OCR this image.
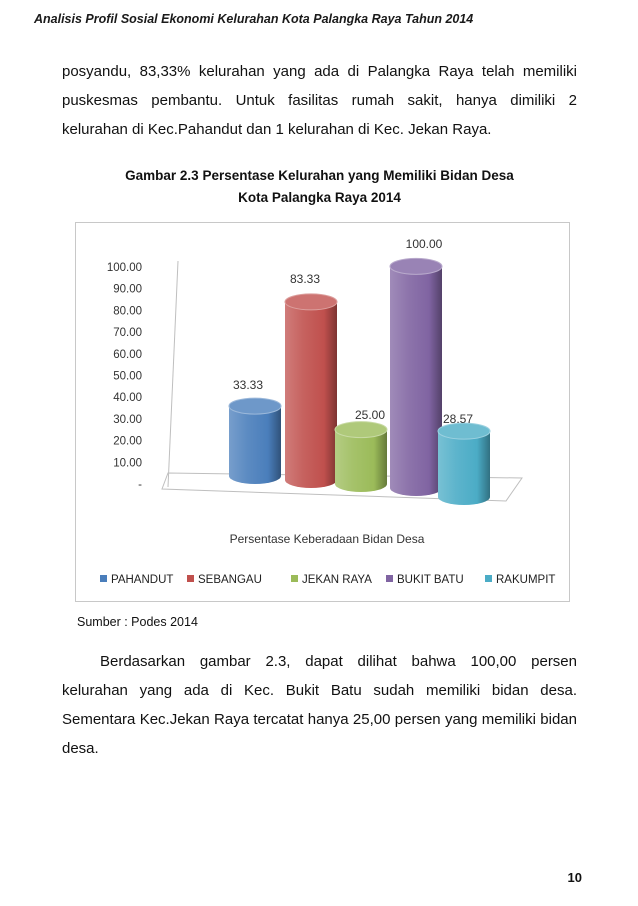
Analisis Profil Sosial Ekonomi Kelurahan Kota Palangka Raya Tahun 2014
posyandu, 83,33% kelurahan yang ada di Palangka Raya telah memiliki
puskesmas pembantu. Untuk fasilitas rumah sakit, hanya dimiliki 2
kelurahan di Kec.Pahandut dan 1 kelurahan di Kec. Jekan Raya.
Gambar 2.3 Persentase Kelurahan yang Memiliki Bidan Desa
Kota Palangka Raya 2014
-
10.00
20.00
30.00
40.00
50.00
60.00
70.00
80.00
90.00
100.00
33.33
83.33
25.00
100.00
28.57
Persentase Keberadaan Bidan Desa
PAHANDUT SEBANGAU	JEKAN RAYA BUKIT BATU	RAKUMPIT
Sumber : Podes 2014
Berdasarkan gambar 2.3, dapat dilihat bahwa 100,00 persen
kelurahan yang ada di Kec. Bukit Batu sudah memiliki bidan desa.
Sementara Kec.Jekan Raya tercatat hanya 25,00 persen yang memiliki bidan
desa.
10
